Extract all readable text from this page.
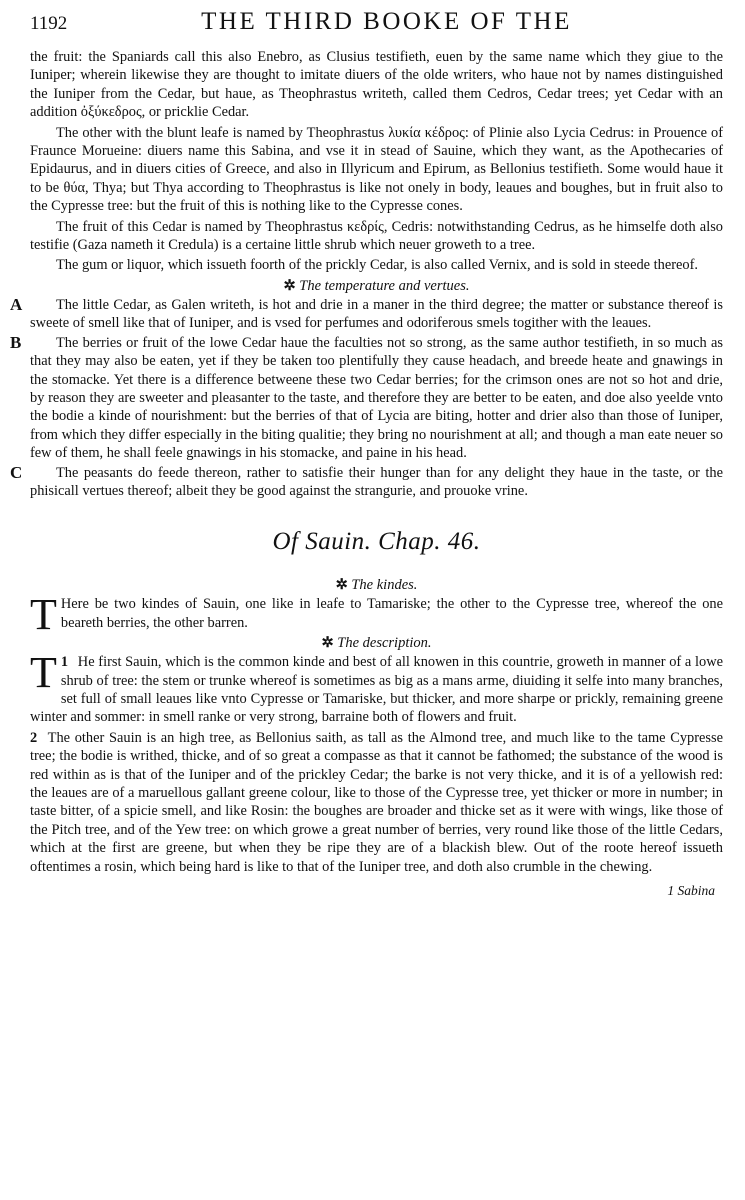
1192	THE THIRD BOOKE OF THE

the fruit: the Spaniards call this also Enebro, as Clusius testifieth, euen by the same name which they giue to the Iuniper; wherein likewise they are thought to imitate diuers of the olde writers, who haue not by names distinguished the Iuniper from the Cedar, but haue, as Theophrastus writeth, called them Cedros, Cedar trees; yet Cedar with an addition ὀξύκεδρος, or pricklie Cedar.

The other with the blunt leafe is named by Theophrastus λυκία κέδρος: of Plinie also Lycia Cedrus: in Prouence of Fraunce Morueine: diuers name this Sabina, and vse it in stead of Sauine, which they want, as the Apothecaries of Epidaurus, and in diuers cities of Greece, and also in Illyricum and Epirum, as Bellonius testifieth. Some would haue it to be θύα, Thya; but Thya according to Theophrastus is like not onely in body, leaues and boughes, but in fruit also to the Cypresse tree: but the fruit of this is nothing like to the Cypresse cones.

The fruit of this Cedar is named by Theophrastus κεδρίς, Cedris: notwithstanding Cedrus, as he himselfe doth also testifie (Gaza nameth it Credula) is a certaine little shrub which neuer groweth to a tree.

The gum or liquor, which issueth foorth of the prickly Cedar, is also called Vernix, and is sold in steede thereof.

✲ The temperature and vertues.

A The little Cedar, as Galen writeth, is hot and drie in a maner in the third degree; the matter or substance thereof is sweete of smell like that of Iuniper, and is vsed for perfumes and odoriferous smels togither with the leaues.

B The berries or fruit of the lowe Cedar haue the faculties not so strong, as the same author testifieth, in so much as that they may also be eaten, yet if they be taken too plentifully they cause headach, and breede heate and gnawings in the stomacke. Yet there is a difference betweene these two Cedar berries; for the crimson ones are not so hot and drie, by reason they are sweeter and pleasanter to the taste, and therefore they are better to be eaten, and doe also yeelde vnto the bodie a kinde of nourishment: but the berries of that of Lycia are biting, hotter and drier also than those of Iuniper, from which they differ especially in the biting qualitie; they bring no nourishment at all; and though a man eate neuer so few of them, he shall feele gnawings in his stomacke, and paine in his head.

C The peasants do feede thereon, rather to satisfie their hunger than for any delight they haue in the taste, or the phisicall vertues thereof; albeit they be good against the strangurie, and prouoke vrine.

Of Sauin. Chap. 46.
✲ The kindes.

T Here be two kindes of Sauin, one like in leafe to Tamariske; the other to the Cypresse tree, whereof the one beareth berries, the other barren.

✲ The description.

1
T He first Sauin, which is the common kinde and best of all knowen in this countrie, groweth in manner of a lowe shrub of tree: the stem or trunke whereof is sometimes as big as a mans arme, diuiding it selfe into many branches, set full of small leaues like vnto Cypresse or Tamariske, but thicker, and more sharpe or prickly, remaining greene winter and sommer: in smell ranke or very strong, barraine both of flowers and fruit.

2 The other Sauin is an high tree, as Bellonius saith, as tall as the Almond tree, and much like to the tame Cypresse tree; the bodie is writhed, thicke, and of so great a compasse as that it cannot be fathomed; the substance of the wood is red within as is that of the Iuniper and of the prickley Cedar; the barke is not very thicke, and it is of a yellowish red: the leaues are of a maruellous gallant greene colour, like to those of the Cypresse tree, yet thicker or more in number; in taste bitter, of a spicie smell, and like Rosin: the boughes are broader and thicke set as it were with wings, like those of the Pitch tree, and of the Yew tree: on which growe a great number of berries, very round like those of the little Cedars, which at the first are greene, but when they be ripe they are of a blackish blew. Out of the roote hereof issueth oftentimes a rosin, which being hard is like to that of the Iuniper tree, and doth also crumble in the chewing.

1 Sabina
